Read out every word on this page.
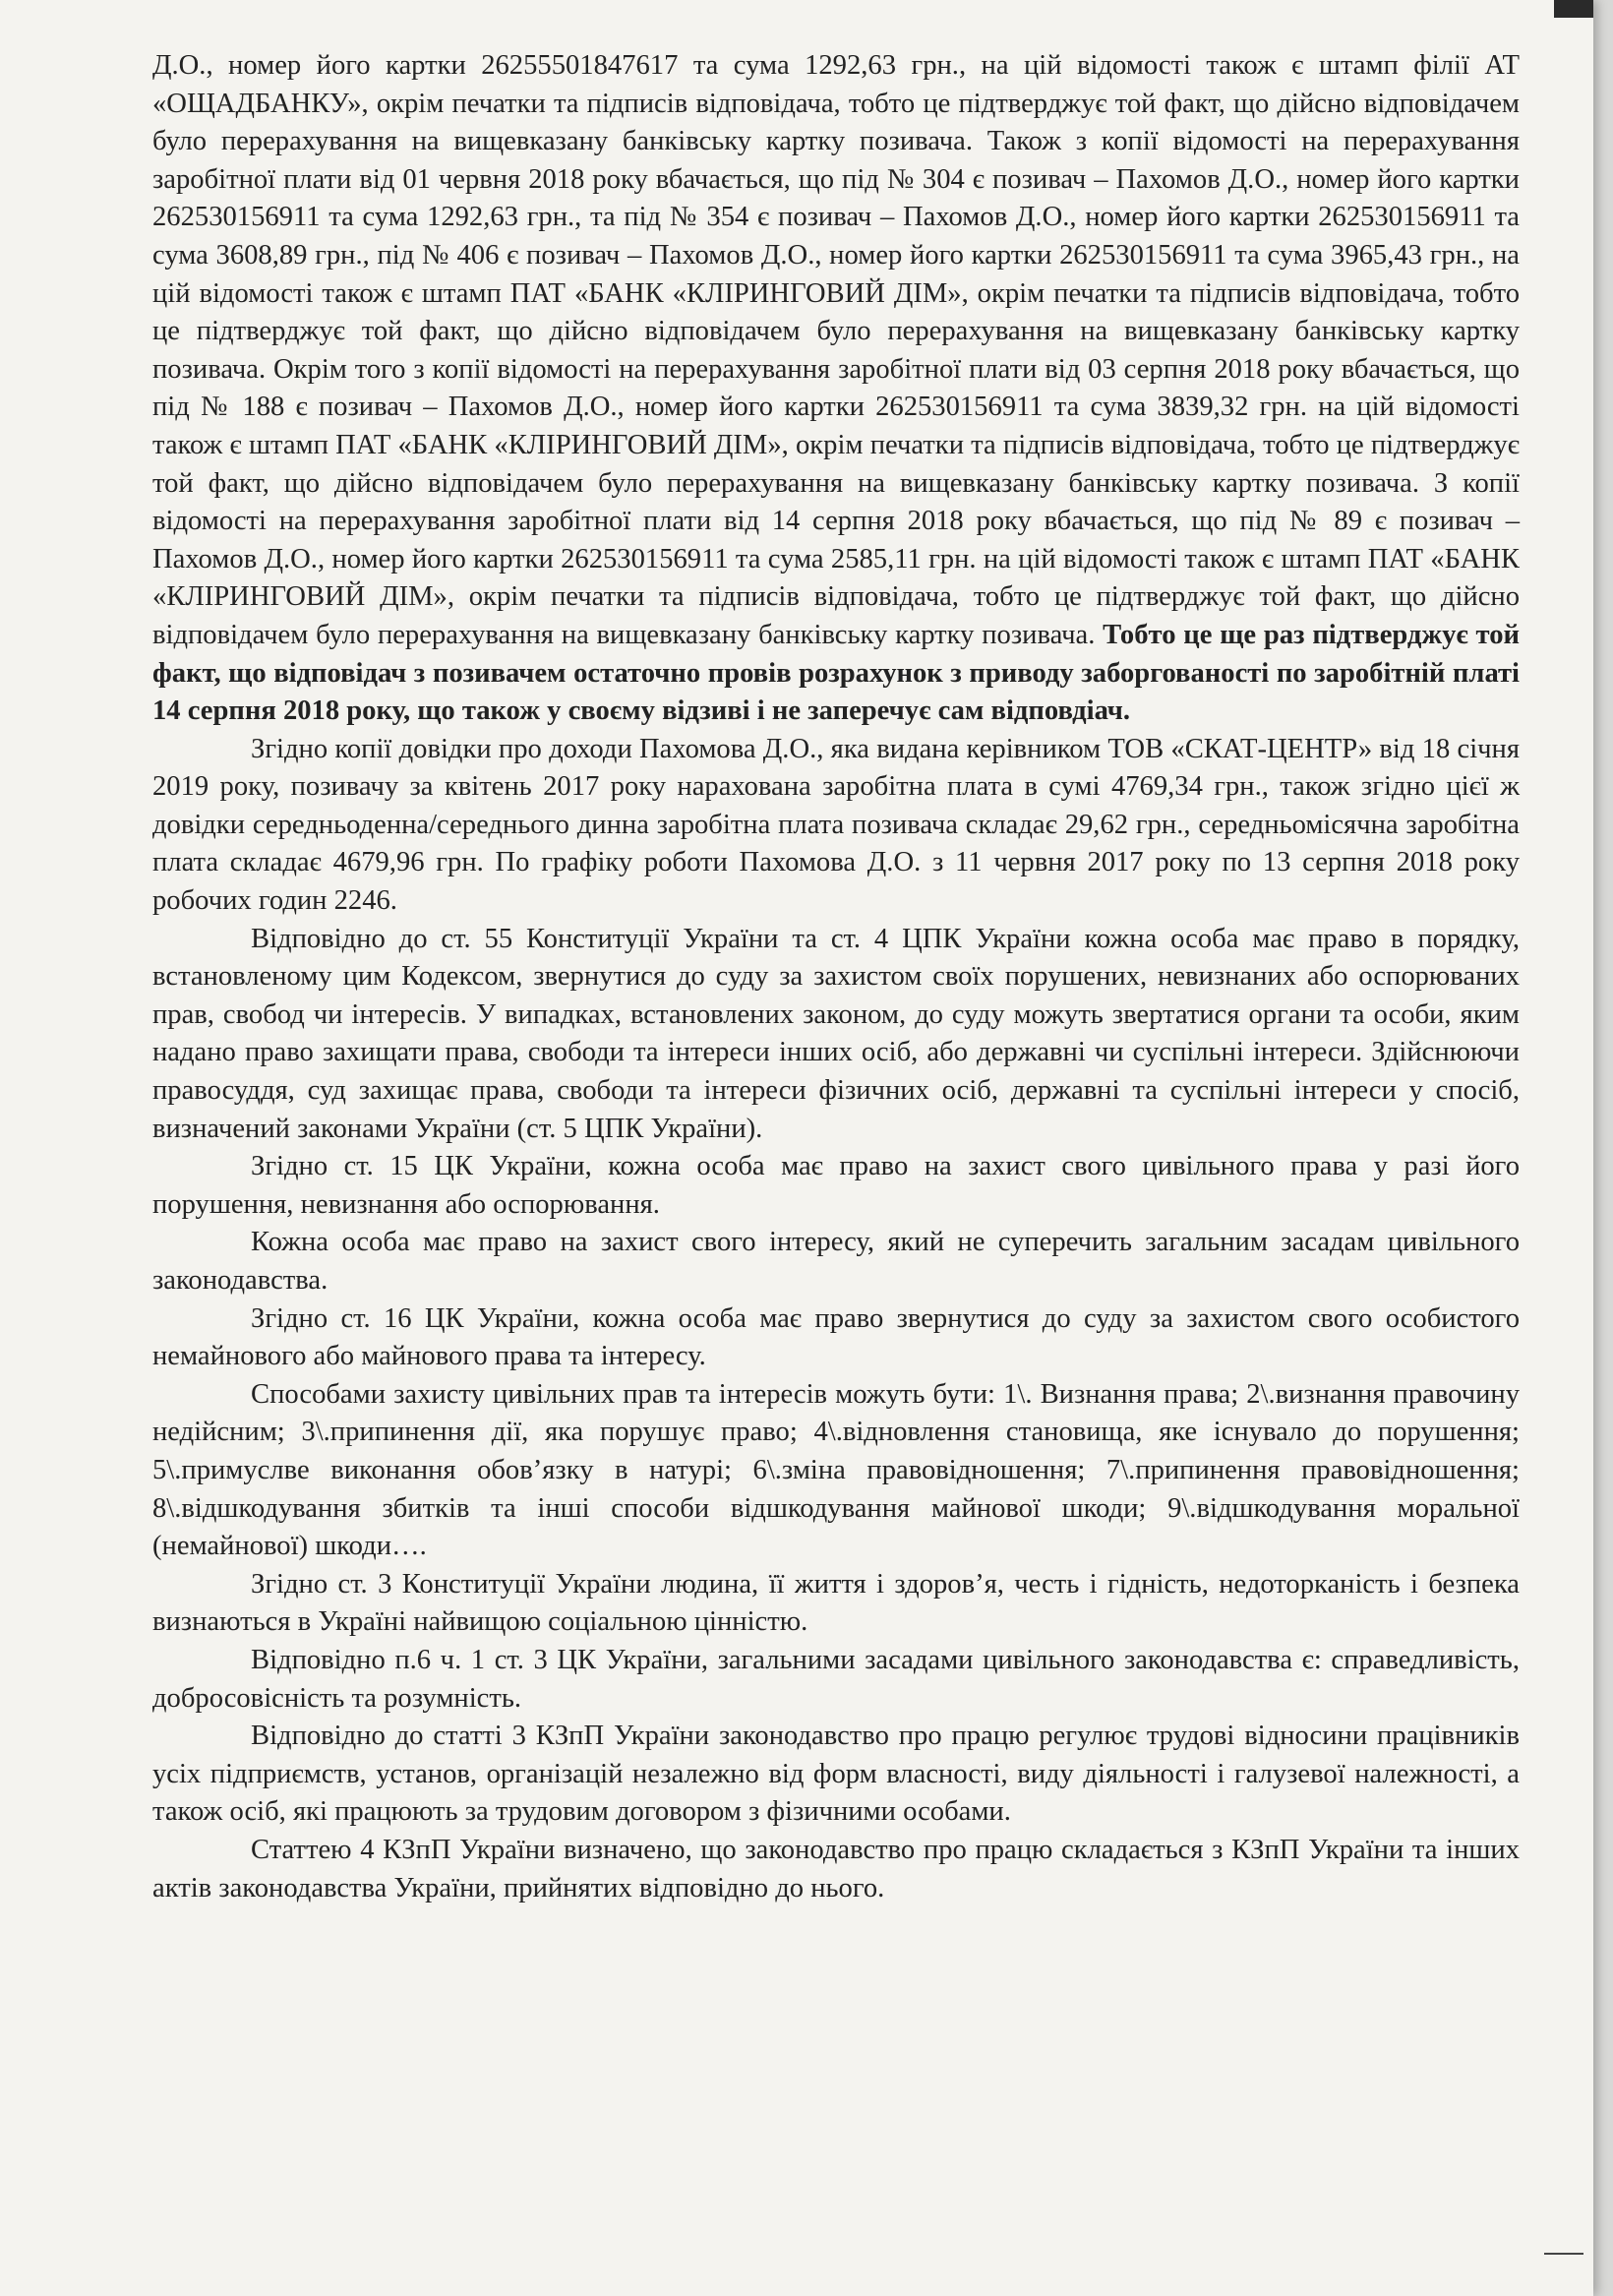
Д.О., номер його картки 26255501847617 та сума 1292,63 грн., на цій відомості також є штамп філії АТ «ОЩАДБАНКУ», окрім печатки та підписів відповідача, тобто це підтверджує той факт, що дійсно відповідачем було перерахування на вищевказану банківську картку позивача. Також з копії відомості на перерахування заробітної плати від 01 червня 2018 року вбачається, що під № 304 є позивач – Пахомов Д.О., номер його картки 262530156911 та сума 1292,63 грн., та під № 354 є позивач – Пахомов Д.О., номер його картки 262530156911 та сума 3608,89 грн., під № 406 є позивач – Пахомов Д.О., номер його картки 262530156911 та сума 3965,43 грн., на цій відомості також є штамп ПАТ «БАНК «КЛІРИНГОВИЙ ДІМ», окрім печатки та підписів відповідача, тобто це підтверджує той факт, що дійсно відповідачем було перерахування на вищевказану банківську картку позивача. Окрім того з копії відомості на перерахування заробітної плати від 03 серпня 2018 року вбачається, що під № 188 є позивач – Пахомов Д.О., номер його картки 262530156911 та сума 3839,32 грн. на цій відомості також є штамп ПАТ «БАНК «КЛІРИНГОВИЙ ДІМ», окрім печатки та підписів відповідача, тобто це підтверджує той факт, що дійсно відповідачем було перерахування на вищевказану банківську картку позивача. З копії відомості на перерахування заробітної плати від 14 серпня 2018 року вбачається, що під № 89 є позивач – Пахомов Д.О., номер його картки 262530156911 та сума 2585,11 грн. на цій відомості також є штамп ПАТ «БАНК «КЛІРИНГОВИЙ ДІМ», окрім печатки та підписів відповідача, тобто це підтверджує той факт, що дійсно відповідачем було перерахування на вищевказану банківську картку позивача. Тобто це ще раз підтверджує той факт, що відповідач з позивачем остаточно провів розрахунок з приводу заборгованості по заробітній платі 14 серпня 2018 року, що також у своєму відзиві і не заперечує сам відповдіач.

Згідно копії довідки про доходи Пахомова Д.О., яка видана керівником ТОВ «СКАТ-ЦЕНТР» від 18 січня 2019 року, позивачу за квітень 2017 року нарахована заробітна плата в сумі 4769,34 грн., також згідно цієї ж довідки середньоденна/середнього динна заробітна плата позивача складає 29,62 грн., середньомісячна заробітна плата складає 4679,96 грн. По графіку роботи Пахомова Д.О. з 11 червня 2017 року по 13 серпня 2018 року робочих годин 2246.

Відповідно до ст. 55 Конституції України та ст. 4 ЦПК України кожна особа має право в порядку, встановленому цим Кодексом, звернутися до суду за захистом своїх порушених, невизнаних або оспорюваних прав, свобод чи інтересів. У випадках, встановлених законом, до суду можуть звертатися органи та особи, яким надано право захищати права, свободи та інтереси інших осіб, або державні чи суспільні інтереси. Здійснюючи правосуддя, суд захищає права, свободи та інтереси фізичних осіб, державні та суспільні інтереси у спосіб, визначений законами України (ст. 5 ЦПК України).

Згідно ст. 15 ЦК України, кожна особа має право на захист свого цивільного права у разі його порушення, невизнання або оспорювання.

Кожна особа має право на захист свого інтересу, який не суперечить загальним засадам цивільного законодавства.

Згідно ст. 16 ЦК України, кожна особа має право звернутися до суду за захистом свого особистого немайнового або майнового права та інтересу.

Способами захисту цивільних прав та інтересів можуть бути: 1\. Визнання права; 2\.визнання правочину недійсним; 3\.припинення дії, яка порушує право; 4\.відновлення становища, яке існувало до порушення; 5\.примуслве виконання обов’язку в натурі; 6\.зміна правовідношення; 7\.припинення правовідношення; 8\.відшкодування збитків та інші способи відшкодування майнової шкоди; 9\.відшкодування моральної (немайнової) шкоди….

Згідно ст. 3 Конституції України людина, її життя і здоров’я, честь і гідність, недоторканість і безпека визнаються в Україні найвищою соціальною цінністю.

Відповідно п.6 ч. 1 ст. 3 ЦК України, загальними засадами цивільного законодавства є: справедливість, добросовісність та розумність.

Відповідно до статті 3 КЗпП України законодавство про працю регулює трудові відносини працівників усіх підприємств, установ, організацій незалежно від форм власності, виду діяльності і галузевої належності, а також осіб, які працюють за трудовим договором з фізичними особами.

Статтею 4 КЗпП України визначено, що законодавство про працю складається з КЗпП України та інших актів законодавства України, прийнятих відповідно до нього.
